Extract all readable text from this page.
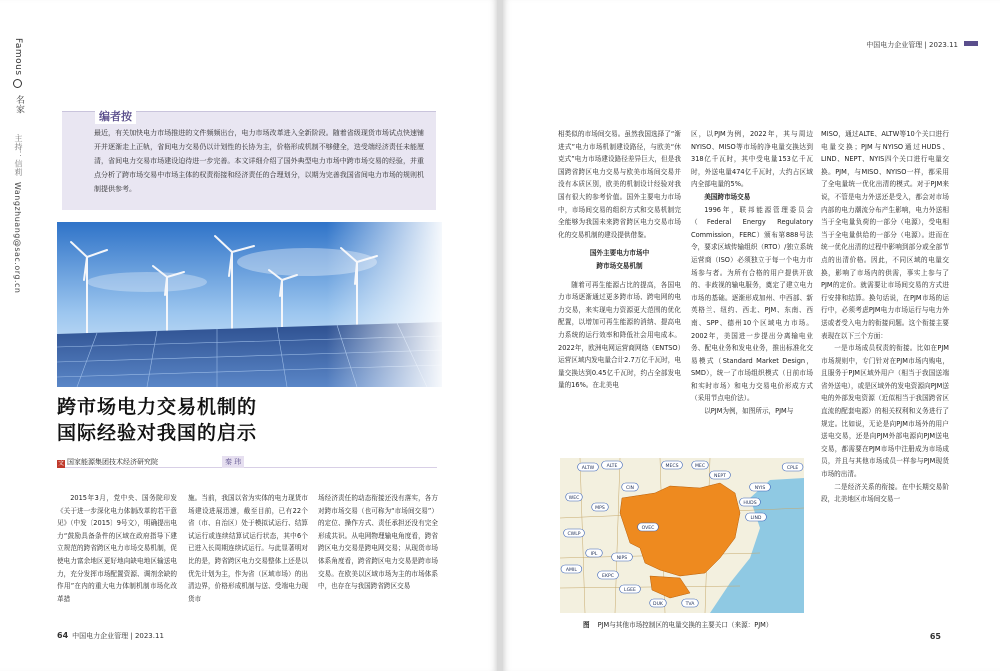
Famous
名家
主持：信莉
Wangzhuang@sac.org.cn
编者按
最近，有关加快电力市场推进的文件频频出台，电力市场改革进入全新阶段。随着省级现货市场试点快速铺开并逐渐走上正轨，省间电力交易仍以计划性的长协为主，价格形成机制不够健全，迭受端经济责任未能厘清，省间电力交易市场建设迫待进一步完善。本文详细介绍了国外典型电力市场中跨市场交易的经验，并重点分析了跨市场交易中市场主体的权责衔接和经济责任的合理划分，以期为完善我国省间电力市场的规则机制提供参考。
跨市场电力交易机制的
国际经验对我国的启示
文 国家能源集团技术经济研究院	秦 玮

2015年3月，党中央、国务院印发《关于进一步深化电力体制改革的若干意见》（中发〔2015〕9号文），明确提出电力“鼓励具备条件的区域在政府指导下建立规范的跨省跨区电力市场交易机制，促使电力富余地区更好地向缺电地区输送电力，充分发挥市场配置资源、调剂余缺的作用”在内的重大电力体制机制市场化改革措

施。当前，我国以省为实体的电力现货市场建设进展迅速，截至目前，已有22个省（市、自治区）处于模拟试运行、结算试运行或连续结算试运行状态，其中6个已进入长周期连续试运行。与此显著明对比的是，跨省跨区电力交易整体上还是以优先计划为主，作为省（区域市场）的出清边界，价格形成机制与送、受端电力现货市

场经济责任的动态衔接还没有落实，各方对跨市场交易（也可称为“市场间交易”）的定位、操作方式、责任承担还没有完全形成共识。从电网物理输电角度看，跨省跨区电力交易是跨电网交易；从现货市场体系角度看，跨省跨区电力交易是跨市场交易。在欧美以区域市场为主的市场体系中，也存在与我国跨省跨区交易

64 中国电力企业管理 | 2023.11
中国电力企业管理 | 2023.11

相类似的市场间交易。虽然我国选择了“渐进式”电力市场机制建设路径，与欧美“休克式”电力市场建设路径差异巨大，但是我国跨省跨区电力交易与欧美市场间交易并没有本质区别，欧美的机制设计经验对我国有很大的参考价值。国外主要电力市场中，市场间交易的组织方式和交易机制完全能够为我国未来跨省跨区电力交易市场化的交易机制的建设提供借鉴。

国外主要电力市场中
跨市场交易机制

随着可再生能源占比的提高，各国电力市场逐渐通过更多跨市场、跨电网的电力交易，来实现电力资源更大范围的优化配置，以增加可再生能源的消纳、提高电力系统的运行效率和降低社会用电成本。2022年，欧洲电网运营商网络（ENTSO）运营区域内发电量合计2.7万亿千瓦时，电量交换达到0.45亿千瓦时，约占全部发电量的16%。在北美电

区，以PJM为例，2022年，其与周边NYISO、MISO等市场的净电量交换达到318亿千瓦时，其中受电量153亿千瓦时，外送电量474亿千瓦时，大约占区域内全部电量的5%。

美国跨市场交易

1996年，联邦能源管理委员会（Federal Energy Regulatory Commission，FERC）颁布第888号法令，要求区域传输组织（RTO）/独立系统运营商（ISO）必须独立于每一个电力市场参与者。为所有合格的用户提供开放的、非歧视的输电服务，奠定了建立电力市场的基础。逐渐形成加州、中西部、新英格兰、纽约、西北、PJM、东南、西南、SPP、德州10个区域电力市场。2002年，美国进一步提出分离输电业务、配电业务和发电业务，推出标准化交易模式（Standard Market Design，SMD），统一了市场组织模式（日前市场和实时市场）和电力交易电价形成方式（采用节点电价法）。

以PJM为例，如图所示，PJM与

MISO，通过ALTE、ALTW等10个关口进行电量交换；PJM与NYISO通过HUDS、LIND、NEPT、NYIS四个关口进行电量交换。PJM，与MISO、NYISO一样，都采用了全电量统一优化出清的模式。对于PJM来说，不管是电力外送还是受入，都会对市场内部的电力潮流分布产生影响，电力外送相当于全电量负荷的一部分（电源），受电相当于全电量供给的一部分（电源）。进而在统一优化出清的过程中影响到部分或全部节点的出清价格。因此，不同区域的电量交换，影响了市场内的供需，事实上参与了PJM的定价。就需要让市场间交易的方式进行安排和结算。换句话说，在PJM市场的运行中，必须考虑PJM电力市场运行与电力外送或者受入电力的衔接问题。这个衔接主要表现在以下三个方面：

一是市场成员权责的衔接。比如在PJM市场规则中，专门针对在PJM市场内购电，且服务于PJM区域外用户（相当于我国送端省外送电），或是区域外的发电资源向PJM送电的外部发电资源（近似相当于我国跨省区直流的配套电源）的相关权利和义务进行了规定。比如说，无论是向PJM市场外的用户送电交易，还是向PJM外部电源向PJM送电交易，都需要在PJM市场中注册成为市场成员，并且与其他市场成员一样参与PJM现货市场的出清。

二是经济关系的衔接。在中长期交易阶段，北美地区市场间交易一

ALTW	ALTE	MECS
WEC
MPS
CWLP
CPLE
EKPC
LGEE
DUK	TVA
NYIS
HUDS
LIND
NEPT
OVEC
IPL
NIPS
AMIL
CIN
MEC
图 PJM与其他市场控制区的电量交换的主要关口（来源：PJM）
65
